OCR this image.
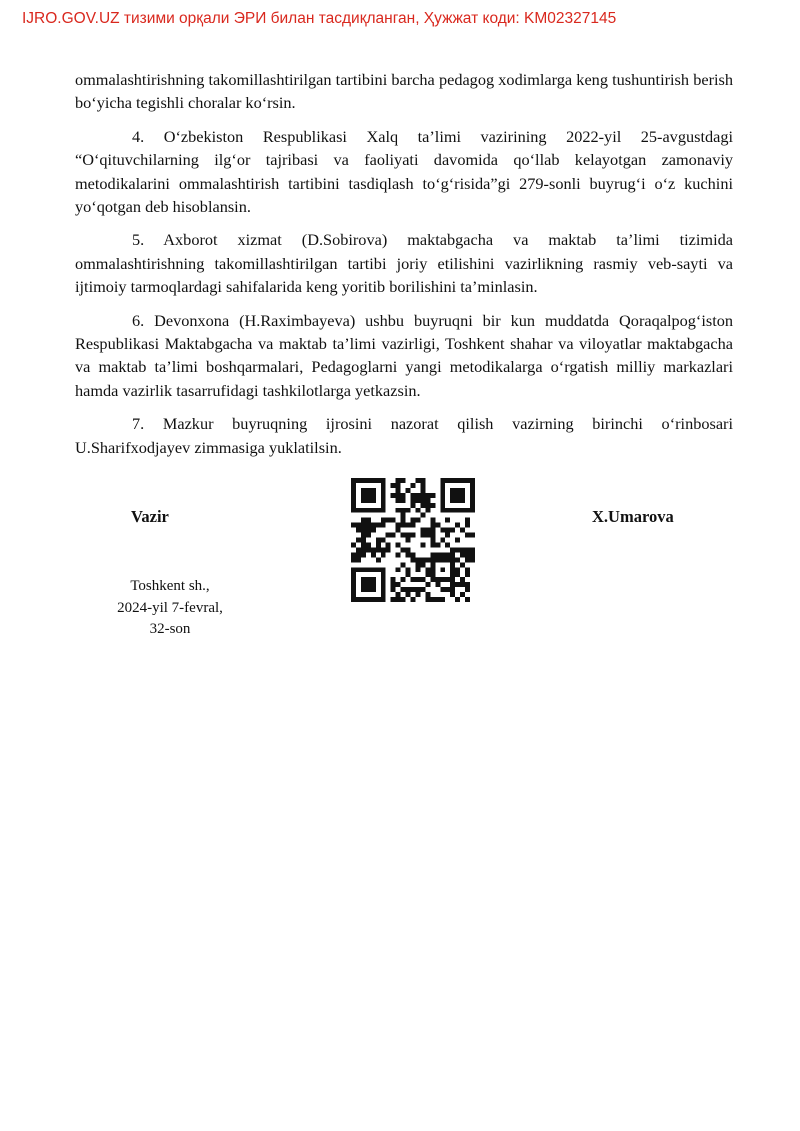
IJRO.GOV.UZ тизими орқали ЭРИ билан тасдиқланган, Ҳужжат коди: KM02327145

ommalashtirishning takomillashtirilgan tartibini barcha pedagog xodimlarga keng tushuntirish berish bo‘yicha tegishli choralar ko‘rsin.

4. O‘zbekiston Respublikasi Xalq ta’limi vazirining 2022-yil 25-avgustdagi “O‘qituvchilarning ilg‘or tajribasi va faoliyati davomida qo‘llab kelayotgan zamonaviy metodikalarini ommalashtirish tartibini tasdiqlash to‘g‘risida”gi 279-sonli buyrug‘i o‘z kuchini yo‘qotgan deb hisoblansin.

5. Axborot xizmat (D.Sobirova) maktabgacha va maktab ta’limi tizimida ommalashtirishning takomillashtirilgan tartibi joriy etilishini vazirlikning rasmiy veb-sayti va ijtimoiy tarmoqlardagi sahifalarida keng yoritib borilishini ta’minlasin.

6. Devonxona (H.Raximbayeva) ushbu buyruqni bir kun muddatda Qoraqalpog‘iston Respublikasi Maktabgacha va maktab ta’limi vazirligi, Toshkent shahar va viloyatlar maktabgacha va maktab ta’limi boshqarmalari, Pedagoglarni yangi metodikalarga o‘rgatish milliy markazlari hamda vazirlik tasarrufidagi tashkilotlarga yetkazsin.

7. Mazkur buyruqning ijrosini nazorat qilish vazirning birinchi o‘rinbosari U.Sharifxodjayev zimmasiga yuklatilsin.

Vazir	X.Umarova
Toshkent sh.,
2024-yil 7-fevral,
32-son
